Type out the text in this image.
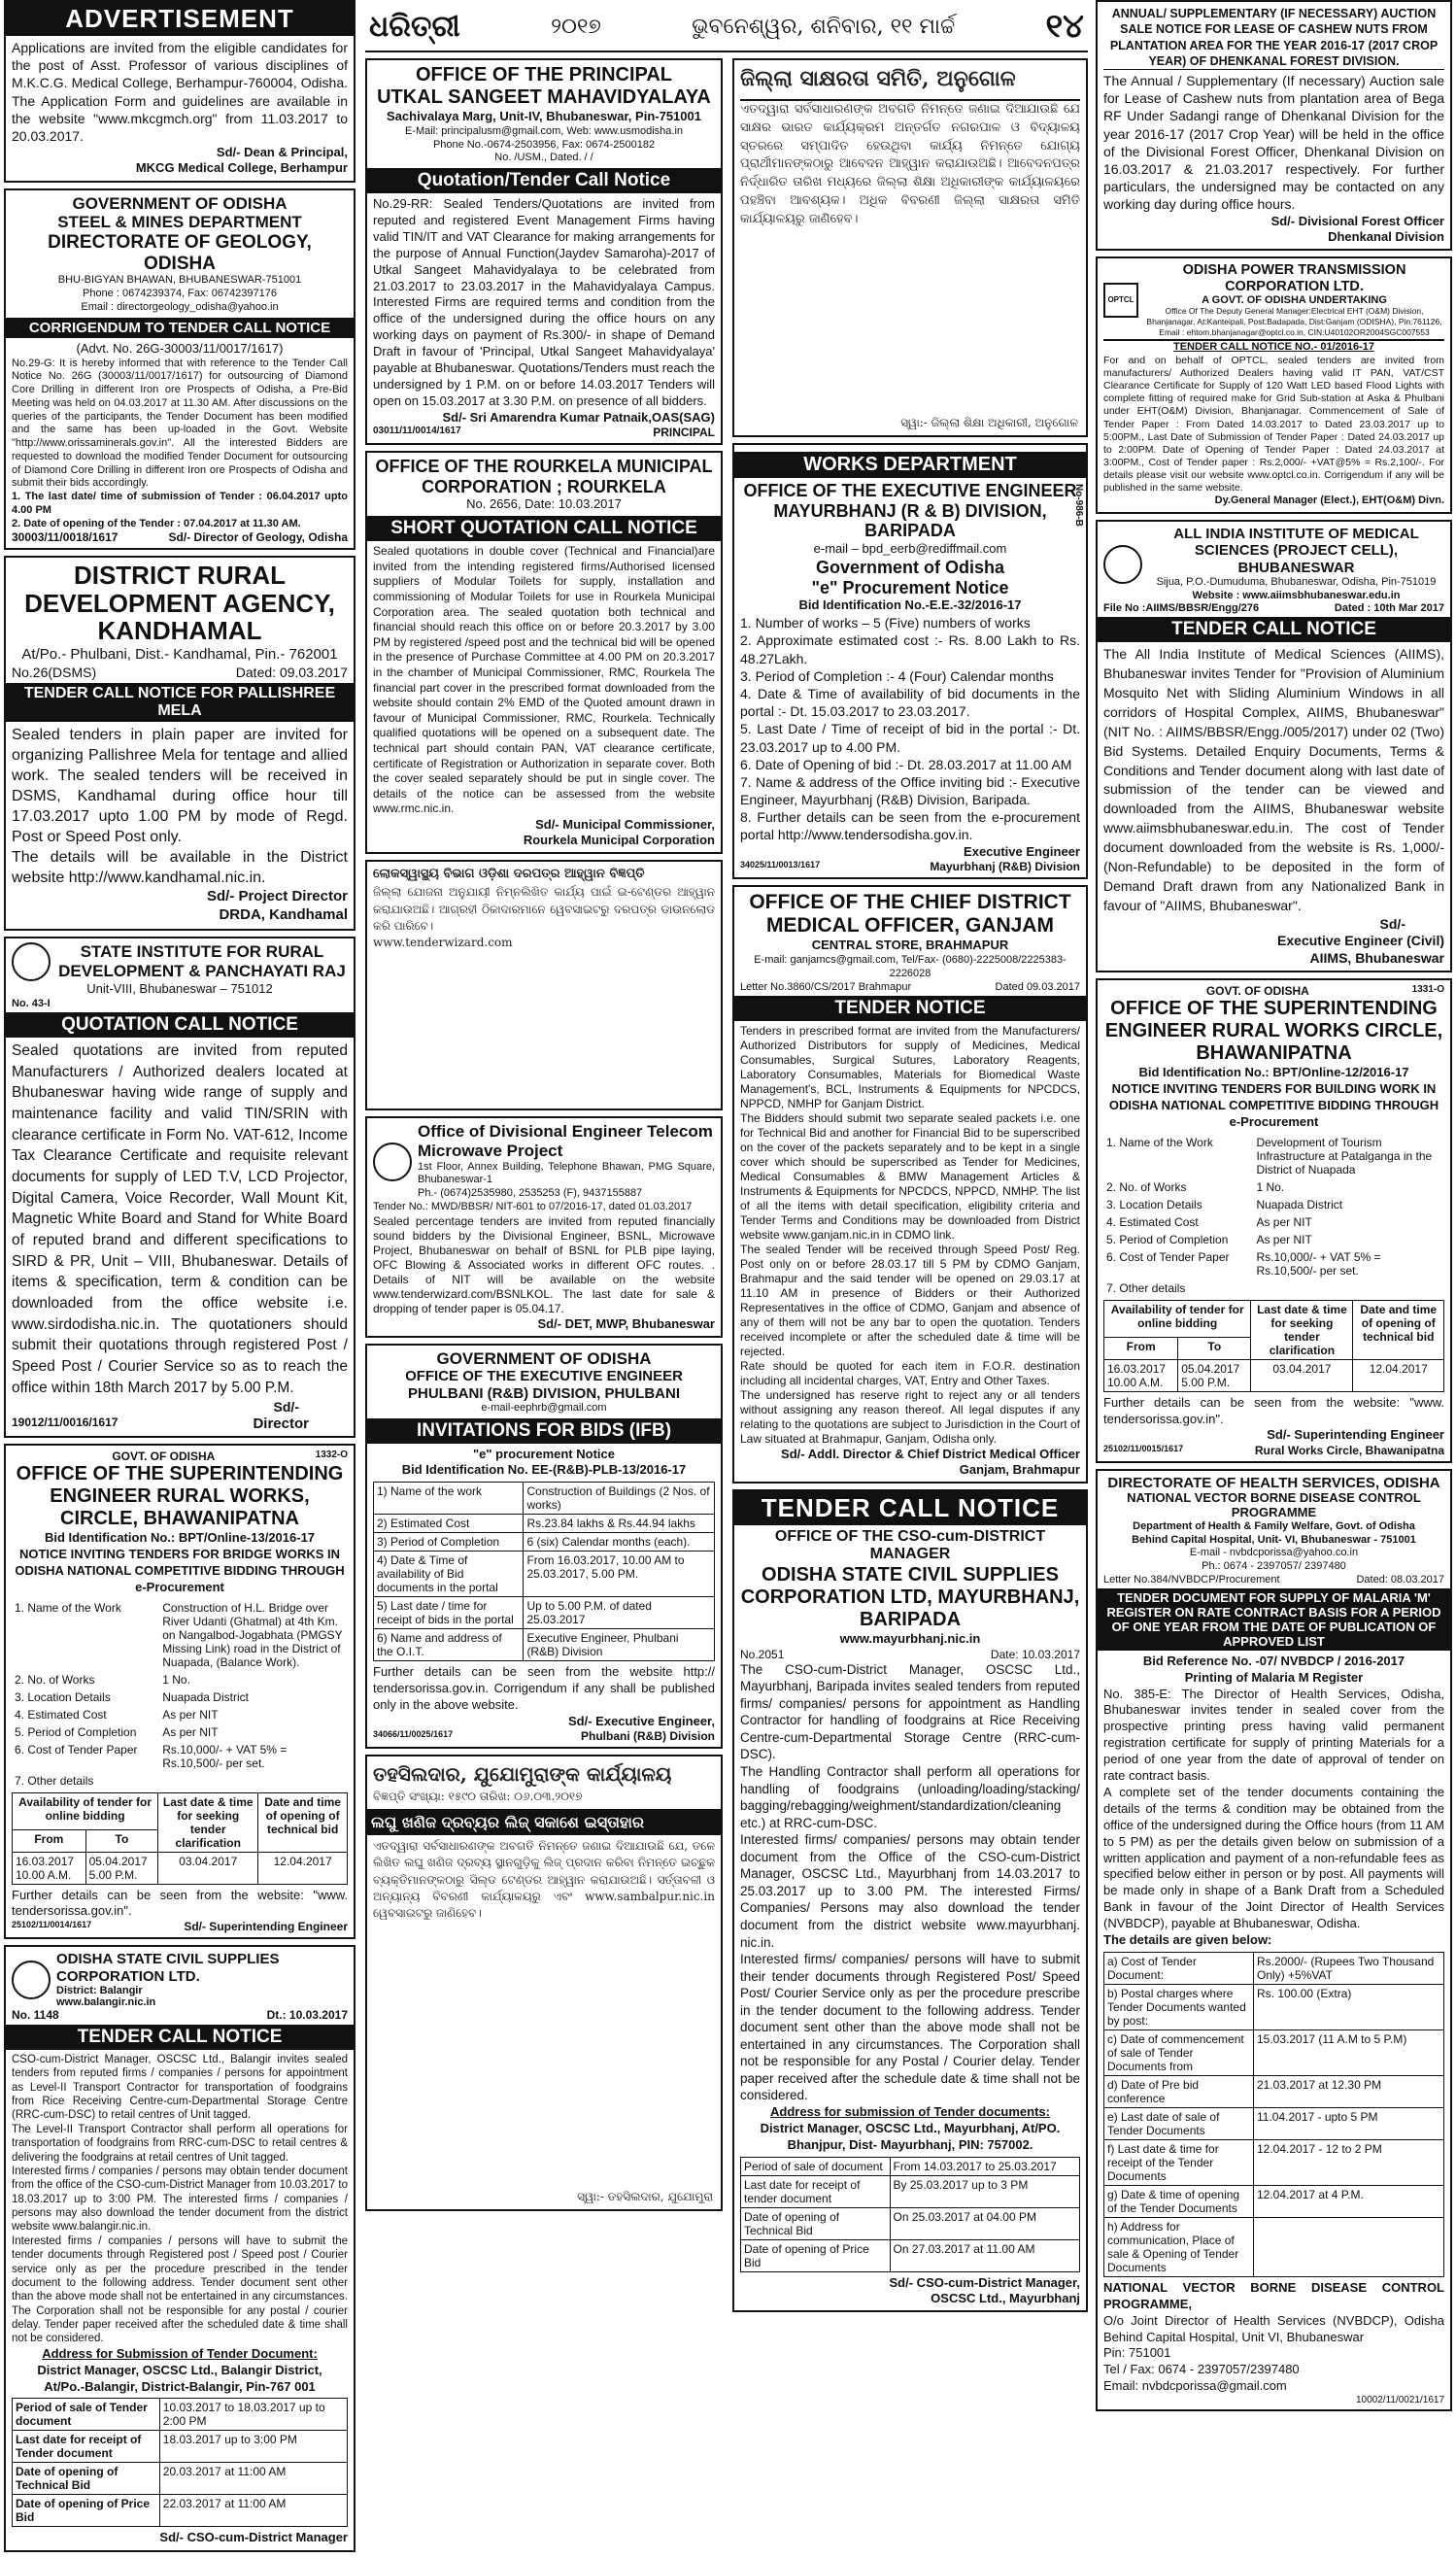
ଧରିତ୍ରୀ	୨୦୧୭	ଭୁବନେଶ୍ୱର, ଶନିବାର, ୧୧ ମାର୍ଚ୍ଚ	୧୪
ADVERTISEMENT
Applications are invited from the eligible candidates for the post of Asst. Professor of various disciplines of M.K.C.G. Medical College, Berhampur-760004, Odisha. The Application Form and guidelines are available in the website "www.mkcgmch.org" from 11.03.2017 to 20.03.2017.
Sd/- Dean & Principal,
MKCG Medical College, Berhampur
GOVERNMENT OF ODISHA
STEEL & MINES DEPARTMENT
DIRECTORATE OF GEOLOGY, ODISHA
BHU-BIGYAN BHAWAN, BHUBANESWAR-751001
Phone : 0674239374, Fax: 06742397176
Email : directorgeology_odisha@yahoo.in
CORRIGENDUM TO TENDER CALL NOTICE
(Advt. No. 26G-30003/11/0017/1617)
No.29-G: It is hereby informed that with reference to the Tender Call Notice No. 26G (30003/11/0017/1617) for outsourcing of Diamond Core Drilling in different Iron ore Prospects of Odisha, a Pre-Bid Meeting was held on 04.03.2017 at 11.30 AM. After discussions on the queries of the participants, the Tender Document has been modified and the same has been up-loaded in the Govt. Website "http://www.orissaminerals.gov.in". All the interested Bidders are requested to download the modified Tender Document for outsourcing of Diamond Core Drilling in different Iron ore Prospects of Odisha and submit their bids accordingly.
1. The last date/ time of submission of Tender : 06.04.2017 upto 4.00 PM
2. Date of opening of the Tender : 07.04.2017 at 11.30 AM.
30003/11/0018/1617	Sd/- Director of Geology, Odisha
DISTRICT RURAL DEVELOPMENT AGENCY, KANDHAMAL
At/Po.- Phulbani, Dist.- Kandhamal, Pin.- 762001
No.26(DSMS)	Dated: 09.03.2017
TENDER CALL NOTICE FOR PALLISHREE MELA
Sealed tenders in plain paper are invited for organizing Pallishree Mela for tentage and allied work. The sealed tenders will be received in DSMS, Kandhamal during office hour till 17.03.2017 upto 1.00 PM by mode of Regd. Post or Speed Post only.
The details will be available in the District website http://www.kandhamal.nic.in.
Sd/- Project Director
DRDA, Kandhamal
STATE INSTITUTE FOR RURAL DEVELOPMENT & PANCHAYATI RAJ
Unit-VIII, Bhubaneswar – 751012
No. 43-I
QUOTATION CALL NOTICE
Sealed quotations are invited from reputed Manufacturers / Authorized dealers located at Bhubaneswar having wide range of supply and maintenance facility and valid TIN/SRIN with clearance certificate in Form No. VAT-612, Income Tax Clearance Certificate and requisite relevant documents for supply of LED T.V, LCD Projector, Digital Camera, Voice Recorder, Wall Mount Kit, Magnetic White Board and Stand for White Board of reputed brand and different specifications to SIRD & PR, Unit – VIII, Bhubaneswar. Details of items & specification, term & condition can be downloaded from the office website i.e. www.sirdodisha.nic.in. The quotationers should submit their quotations through registered Post / Speed Post / Courier Service so as to reach the office within 18th March 2017 by 5.00 P.M.
Sd/-
19012/11/0016/1617	Director
GOVT. OF ODISHA	1332-O
OFFICE OF THE SUPERINTENDING ENGINEER RURAL WORKS, CIRCLE, BHAWANIPATNA
Bid Identification No.: BPT/Online-13/2016-17
NOTICE INVITING TENDERS FOR BRIDGE WORKS IN ODISHA NATIONAL COMPETITIVE BIDDING THROUGH e-Procurement
1. Name of the Work	Construction of H.L. Bridge over River Udanti (Ghatmal) at 4th Km. on Nangalbod-Jogabhata (PMGSY Missing Link) road in the District of Nuapada, (Balance Work).
2. No. of Works	1 No.
3. Location Details	Nuapada District
4. Estimated Cost	As per NIT
5. Period of Completion	As per NIT
6. Cost of Tender Paper	Rs.10,000/- + VAT 5% = Rs.10,500/- per set.
7. Other details	
Availability of tender for online bidding		Last date & time for seeking tender clarification	Date and time of opening of technical bid
From	To		
16.03.2017 10.00 A.M.	05.04.2017 5.00 P.M.	03.04.2017	12.04.2017
Further details can be seen from the website: "www. tendersorissa.gov.in".
25102/11/0014/1617	Sd/- Superintending Engineer
ODISHA STATE CIVIL SUPPLIES CORPORATION LTD.
District: Balangir
www.balangir.nic.in
No. 1148	Dt.: 10.03.2017
TENDER CALL NOTICE
CSO-cum-District Manager, OSCSC Ltd., Balangir invites sealed tenders from reputed firms / companies / persons for appointment as Level-II Transport Contractor for transportation of foodgrains from Rice Receiving Centre-cum-Departmental Storage Centre (RRC-cum-DSC) to retail centres of Unit tagged.
The Level-II Transport Contractor shall perform all operations for transportation of foodgrains from RRC-cum-DSC to retail centres & delivering the foodgrains at retail centres of Unit tagged.
Interested firms / companies / persons may obtain tender document from the office of the CSO-cum-District Manager from 10.03.2017 to 18.03.2017 up to 3:00 PM. The interested firms / companies / persons may also download the tender document from the district website www.balangir.nic.in.
Interested firms / companies / persons will have to submit the tender documents through Registered post / Speed post / Courier service only as per the procedure prescribed in the tender document to the following address. Tender document sent other than the above mode shall not be entertained in any circumstances. The Corporation shall not be responsible for any postal / courier delay. Tender paper received after the scheduled date & time shall not be considered.
Address for Submission of Tender Document:
District Manager, OSCSC Ltd., Balangir District,
At/Po.-Balangir, District-Balangir, Pin-767 001
Period of sale of Tender document	10.03.2017 to 18.03.2017 up to 2:00 PM
Last date for receipt of Tender document	18.03.2017 up to 3:00 PM
Date of opening of Technical Bid	20.03.2017 at 11:00 AM
Date of opening of Price Bid	22.03.2017 at 11:00 AM
Sd/- CSO-cum-District Manager
OFFICE OF THE PRINCIPAL
UTKAL SANGEET MAHAVIDYALAYA
Sachivalaya Marg, Unit-IV, Bhubaneswar, Pin-751001
E-Mail: principalusm@gmail.com, Web: www.usmodisha.in
Phone No.-0674-2503956, Fax: 0674-2500182
No. /USM., Dated. / /
Quotation/Tender Call Notice
No.29-RR: Sealed Tenders/Quotations are invited from reputed and registered Event Management Firms having valid TIN/IT and VAT Clearance for making arrangements for the purpose of Annual Function(Jaydev Samaroha)-2017 of Utkal Sangeet Mahavidyalaya to be celebrated from 21.03.2017 to 23.03.2017 in the Mahavidyalaya Campus. Interested Firms are required terms and condition from the office of the undersigned during the office hours on any working days on payment of Rs.300/- in shape of Demand Draft in favour of 'Principal, Utkal Sangeet Mahavidyalaya' payable at Bhubaneswar. Quotations/Tenders must reach the undersigned by 1 P.M. on or before 14.03.2017 Tenders will open on 15.03.2017 at 3.30 P.M. on presence of all bidders.
Sd/- Sri Amarendra Kumar Patnaik,OAS(SAG)
03011/11/0014/1617	PRINCIPAL
OFFICE OF THE ROURKELA MUNICIPAL CORPORATION ; ROURKELA
No. 2656, Date: 10.03.2017
SHORT QUOTATION CALL NOTICE
Sealed quotations in double cover (Technical and Financial)are invited from the intending registered firms/Authorised licensed suppliers of Modular Toilets for supply, installation and commissioning of Modular Toilets for use in Rourkela Municipal Corporation area. The sealed quotation both technical and financial should reach this office on or before 20.3.2017 by 3.00 PM by registered /speed post and the technical bid will be opened in the presence of Purchase Committee at 4.00 PM on 20.3.2017 in the chamber of Municipal Commissioner, RMC, Rourkela The financial part cover in the prescribed format downloaded from the website should contain 2% EMD of the Quoted amount drawn in favour of Municipal Commissioner, RMC, Rourkela. Technically qualified quotations will be opened on a subsequent date. The technical part should contain PAN, VAT clearance certificate, certificate of Registration or Authorization in separate cover. Both the cover sealed separately should be put in single cover. The details of the notice can be assessed from the website www.rmc.nic.in.
Sd/- Municipal Commissioner,
Rourkela Municipal Corporation
ଲୋକସ୍ୱାସ୍ଥ୍ୟ ବିଭାଗ ଓଡ଼ିଶା ଦରପତ୍ର ଆହ୍ୱାନ ବିଜ୍ଞପ୍ତି
ଜିଲ୍ଲା ଯୋଜନା ଅନୁଯାୟୀ ନିମ୍ନଲିଖିତ କାର୍ଯ୍ୟ ପାଇଁ ଇ-ଟେଣ୍ଡର ଆହ୍ୱାନ କରାଯାଉଅଛି। ଆଗ୍ରହୀ ଠିକାଦାରମାନେ ୱେବସାଇଟରୁ ଦରପତ୍ର ଡାଉନଲୋଡ କରି ପାରିବେ।
www.tenderwizard.com
Office of Divisional Engineer Telecom
Microwave Project
1st Floor, Annex Building, Telephone Bhawan, PMG Square, Bhubaneswar-1
Ph.- (0674)2535980, 2535253 (F), 9437155887
Tender No.: MWD/BBSR/ NIT-601 to 07/2016-17, dated 01.03.2017
Sealed percentage tenders are invited from reputed financially sound bidders by the Divisional Engineer, BSNL, Microwave Project, Bhubaneswar on behalf of BSNL for PLB pipe laying, OFC Blowing & Associated works in different OFC routes. . Details of NIT will be available on the website www.tenderwizard.com/BSNLKOL. The last date for sale & dropping of tender paper is 05.04.17.
Sd/- DET, MWP, Bhubaneswar
GOVERNMENT OF ODISHA
OFFICE OF THE EXECUTIVE ENGINEER PHULBANI (R&B) DIVISION, PHULBANI
e-mail-eephrb@gmail.com
INVITATIONS FOR BIDS (IFB)
"e" procurement Notice
Bid Identification No. EE-(R&B)-PLB-13/2016-17
1) Name of the work	Construction of Buildings (2 Nos. of works)
2) Estimated Cost	Rs.23.84 lakhs & Rs.44.94 lakhs
3) Period of Completion	6 (six) Calendar months (each).
4) Date & Time of availability of Bid documents in the portal	From 16.03.2017, 10.00 AM to 25.03.2017, 5.00 PM.
5) Last date / time for receipt of bids in the portal	Up to 5.00 P.M. of dated 25.03.2017
6) Name and address of the O.I.T.	Executive Engineer, Phulbani (R&B) Division
Further details can be seen from the website http:// tendersorissa.gov.in. Corrigendum if any shall be published only in the above website.
Sd/- Executive Engineer,
34066/11/0025/1617	Phulbani (R&B) Division
ତହସିଲଦାର, ଯୁଯୋମୁରାଙ୍କ କାର୍ଯ୍ୟାଳୟ
ବିଜ୍ଞପ୍ତି ସଂଖ୍ୟା: ୧୫୯୦ ତାରିଖ: ୦୬.୦୩.୨୦୧୭
ଲଘୁ ଖଣିଜ ଦ୍ରବ୍ୟର ଲିଜ୍ ସକାଶେ ଇସ୍ତାହାର
ଏତଦ୍ୱାରା ସର୍ବସାଧାରଣଙ୍କ ଅବଗତି ନିମନ୍ତେ ଜଣାଇ ଦିଆଯାଉଛି ଯେ, ତଳେ ଲିଖିତ ଲଘୁ ଖଣିଜ ଦ୍ରବ୍ୟ ସ୍ଥାନଗୁଡ଼ିକୁ ଲିଜ୍ ପ୍ରଦାନ କରିବା ନିମନ୍ତେ ଇଚ୍ଛୁକ ବ୍ୟକ୍ତିମାନଙ୍କଠାରୁ ସିଲ୍ଡ ଟେଣ୍ଡର ଆହ୍ୱାନ କରାଯାଉଅଛି। ସର୍ତ୍ତାବଳୀ ଓ ଅନ୍ୟାନ୍ୟ ବିବରଣୀ କାର୍ଯ୍ୟାଳୟରୁ ଏବଂ www.sambalpur.nic.in ୱେବସାଇଟରୁ ଜାଣିହେବ।
ସ୍ୱା:- ତହସିଲଦାର, ଯୁଯୋମୁରା
ଜିଲ୍ଲା ସାକ୍ଷରତା ସମିତି, ଅନୁଗୋଳ
ଏତଦ୍ୱାରା ସର୍ବସାଧାରଣଙ୍କ ଅବଗତି ନିମନ୍ତେ ଜଣାଇ ଦିଆଯାଉଛି ଯେ ସାକ୍ଷର ଭାରତ କାର୍ଯ୍ୟକ୍ରମ ଅନ୍ତର୍ଗତ ନଗରପାଳ ଓ ବିଦ୍ୟାଳୟ ସ୍ତରରେ ସମ୍ପାଦିତ ହେଉଥିବା କାର୍ଯ୍ୟ ନିମନ୍ତେ ଯୋଗ୍ୟ ପ୍ରାର୍ଥୀମାନଙ୍କଠାରୁ ଆବେଦନ ଆହ୍ୱାନ କରାଯାଉଅଛି। ଆବେଦନପତ୍ର ନିର୍ଦ୍ଧାରିତ ତାରିଖ ମଧ୍ୟରେ ଜିଲ୍ଲା ଶିକ୍ଷା ଅଧିକାରୀଙ୍କ କାର୍ଯ୍ୟାଳୟରେ ପହଞ୍ଚିବା ଆବଶ୍ୟକ। ଅଧିକ ବିବରଣୀ ଜିଲ୍ଲା ସାକ୍ଷରତା ସମିତି କାର୍ଯ୍ୟାଳୟରୁ ଜାଣିହେବ।
ସ୍ୱା:- ଜିଲ୍ଲା ଶିକ୍ଷା ଅଧିକାରୀ, ଅନୁଗୋଳ
No-986-B
WORKS DEPARTMENT
OFFICE OF THE EXECUTIVE ENGINEER MAYURBHANJ (R & B) DIVISION, BARIPADA
e-mail – bpd_eerb@rediffmail.com
Government of Odisha
"e" Procurement Notice
Bid Identification No.-E.E.-32/2016-17
1. Number of works – 5 (Five) numbers of works
2. Approximate estimated cost :- Rs. 8.00 Lakh to Rs. 48.27Lakh.
3. Period of Completion :- 4 (Four) Calendar months
4. Date & Time of availability of bid documents in the portal :- Dt. 15.03.2017 to 23.03.2017.
5. Last Date / Time of receipt of bid in the portal :- Dt. 23.03.2017 up to 4.00 PM.
6. Date of Opening of bid :- Dt. 28.03.2017 at 11.00 AM
7. Name & address of the Office inviting bid :- Executive Engineer, Mayurbhanj (R&B) Division, Baripada.
8. Further details can be seen from the e-procurement portal http://www.tendersodisha.gov.in.
Executive Engineer
34025/11/0013/1617	Mayurbhanj (R&B) Division
OFFICE OF THE CHIEF DISTRICT MEDICAL OFFICER, GANJAM
CENTRAL STORE, BRAHMAPUR
E-mail: ganjamcs@gmail.com, Tel/Fax- (0680)-2225008/2225383-2226028
Letter No.3860/CS/2017 Brahmapur	Dated 09.03.2017
TENDER NOTICE
Tenders in prescribed format are invited from the Manufacturers/ Authorized Distributors for supply of Medicines, Medical Consumables, Surgical Sutures, Laboratory Reagents, Laboratory Consumables, Materials for Biomedical Waste Management's, BCL, Instruments & Equipments for NPCDCS, NPPCD, NMHP for Ganjam District.
The Bidders should submit two separate sealed packets i.e. one for Technical Bid and another for Financial Bid to be superscribed on the cover of the packets separately and to be kept in a single cover which should be superscribed as Tender for Medicines, Medical Consumables & BMW Management Articles & Instruments & Equipments for NPCDCS, NPPCD, NMHP. The list of all the items with detail specification, eligibility criteria and Tender Terms and Conditions may be downloaded from District website www.ganjam.nic.in in CDMO link.
The sealed Tender will be received through Speed Post/ Reg. Post only on or before 28.03.17 till 5 PM by CDMO Ganjam, Brahmapur and the said tender will be opened on 29.03.17 at 11.10 AM in presence of Bidders or their Authorized Representatives in the office of CDMO, Ganjam and absence of any of them will not be any bar to open the quotation. Tenders received incomplete or after the scheduled date & time will be rejected.
Rate should be quoted for each item in F.O.R. destination including all incidental charges, VAT, Entry and Other Taxes.
The undersigned has reserve right to reject any or all tenders without assigning any reason thereof. All legal disputes if any relating to the quotations are subject to Jurisdiction in the Court of Law situated at Brahmapur, Ganjam, Odisha only.
Sd/- Addl. Director & Chief District Medical Officer
Ganjam, Brahmapur
TENDER CALL NOTICE
OFFICE OF THE CSO-cum-DISTRICT MANAGER
ODISHA STATE CIVIL SUPPLIES CORPORATION LTD, MAYURBHANJ, BARIPADA
www.mayurbhanj.nic.in
No.2051	Date: 10.03.2017
The CSO-cum-District Manager, OSCSC Ltd., Mayurbhanj, Baripada invites sealed tenders from reputed firms/ companies/ persons for appointment as Handling Contractor for handling of foodgrains at Rice Receiving Centre-cum-Departmental Storage Centre (RRC-cum-DSC).
The Handling Contractor shall perform all operations for handling of foodgrains (unloading/loading/stacking/ bagging/rebagging/weighment/standardization/cleaning etc.) at RRC-cum-DSC.
Interested firms/ companies/ persons may obtain tender document from the Office of the CSO-cum-District Manager, OSCSC Ltd., Mayurbhanj from 14.03.2017 to 25.03.2017 up to 3.00 PM. The interested Firms/ Companies/ Persons may also download the tender document from the district website www.mayurbhanj. nic.in.
Interested firms/ companies/ persons will have to submit their tender documents through Registered Post/ Speed Post/ Courier Service only as per the procedure prescribe in the tender document to the following address. Tender document sent other than the above mode shall not be entertained in any circumstances. The Corporation shall not be responsible for any Postal / Courier delay. Tender paper received after the schedule date & time shall not be considered.
Address for submission of Tender documents:
District Manager, OSCSC Ltd., Mayurbhanj, At/PO. Bhanjpur, Dist- Mayurbhanj, PIN: 757002.
Period of sale of document	From 14.03.2017 to 25.03.2017
Last date for receipt of tender document	By 25.03.2017 up to 3 PM
Date of opening of Technical Bid	On 25.03.2017 at 04.00 PM
Date of opening of Price Bid	On 27.03.2017 at 11.00 AM
Sd/- CSO-cum-District Manager,
OSCSC Ltd., Mayurbhanj
ANNUAL/ SUPPLEMENTARY (IF NECESSARY) AUCTION SALE NOTICE FOR LEASE OF CASHEW NUTS FROM PLANTATION AREA FOR THE YEAR 2016-17 (2017 CROP YEAR) OF DHENKANAL FOREST DIVISION.
The Annual / Supplementary (If necessary) Auction sale for Lease of Cashew nuts from plantation area of Bega RF Under Sadangi range of Dhenkanal Division for the year 2016-17 (2017 Crop Year) will be held in the office of the Divisional Forest Officer, Dhenkanal Division on 16.03.2017 & 21.03.2017 respectively. For further particulars, the undersigned may be contacted on any working day during office hours.
Sd/- Divisional Forest Officer
Dhenkanal Division
OPTCL
ODISHA POWER TRANSMISSION CORPORATION LTD.
A GOVT. OF ODISHA UNDERTAKING
Office Of The Deputy General Manager:Electrical EHT (O&M) Division, Bhanjanagar, At:Kanteipali, Post:Badapada, Dist:Ganjam (ODISHA), Pin:761126, Email : ehtom.bhanjanagar@optcl.co.in, CIN:U40102OR2004SGC007553
TENDER CALL NOTICE NO.- 01/2016-17
For and on behalf of OPTCL, sealed tenders are invited from manufacturers/ Authorized Dealers having valid IT PAN, VAT/CST Clearance Certificate for Supply of 120 Watt LED based Flood Lights with complete fitting of required make for Grid Sub-station at Aska & Phulbani under EHT(O&M) Division, Bhanjanagar. Commencement of Sale of Tender Paper : From Dated 14.03.2017 to Dated 23.03.2017 up to 5:00PM., Last Date of Submission of Tender Paper : Dated 24.03.2017 up to 2:00PM. Date of Opening of Tender Paper : Dated 24.03.2017 at 3:00PM., Cost of Tender paper : Rs.2,000/- +VAT@5% = Rs.2,100/-. For details please visit our website www.optcl.co.in. Corrigendum if any will be published in the same website.
Dy.General Manager (Elect.), EHT(O&M) Divn.
ALL INDIA INSTITUTE OF MEDICAL SCIENCES (PROJECT CELL), BHUBANESWAR
Sijua, P.O.-Dumuduma, Bhubaneswar, Odisha, Pin-751019
Website : www.aiimsbhubaneswar.edu.in
File No :AIIMS/BBSR/Engg/276	Dated : 10th Mar 2017
TENDER CALL NOTICE
The All India Institute of Medical Sciences (AIIMS), Bhubaneswar invites Tender for "Provision of Aluminium Mosquito Net with Sliding Aluminium Windows in all corridors of Hospital Complex, AIIMS, Bhubaneswar" (NIT No. : AIIMS/BBSR/Engg./005/2017) under 02 (Two) Bid Systems. Detailed Enquiry Documents, Terms & Conditions and Tender document along with last date of submission of the tender can be viewed and downloaded from the AIIMS, Bhubaneswar website www.aiimsbhubaneswar.edu.in. The cost of Tender document downloaded from the website is Rs. 1,000/- (Non-Refundable) to be deposited in the form of Demand Draft drawn from any Nationalized Bank in favour of "AIIMS, Bhubaneswar".
Sd/-
Executive Engineer (Civil)
AIIMS, Bhubaneswar
GOVT. OF ODISHA	1331-O
OFFICE OF THE SUPERINTENDING ENGINEER RURAL WORKS CIRCLE, BHAWANIPATNA
Bid Identification No.: BPT/Online-12/2016-17
NOTICE INVITING TENDERS FOR BUILDING WORK IN ODISHA NATIONAL COMPETITIVE BIDDING THROUGH e-Procurement
1. Name of the Work	Development of Tourism Infrastructure at Patalganga in the District of Nuapada
2. No. of Works	1 No.
3. Location Details	Nuapada District
4. Estimated Cost	As per NIT
5. Period of Completion	As per NIT
6. Cost of Tender Paper	Rs.10,000/- + VAT 5% = Rs.10,500/- per set.
7. Other details	
Availability of tender for online bidding		Last date & time for seeking tender clarification	Date and time of opening of technical bid
From	To		
16.03.2017 10.00 A.M.	05.04.2017 5.00 P.M.	03.04.2017	12.04.2017
Further details can be seen from the website: "www. tendersorissa.gov.in".
Sd/- Superintending Engineer
25102/11/0015/1617	Rural Works Circle, Bhawanipatna
DIRECTORATE OF HEALTH SERVICES, ODISHA
NATIONAL VECTOR BORNE DISEASE CONTROL PROGRAMME
Department of Health & Family Welfare, Govt. of Odisha
Behind Capital Hospital, Unit- VI, Bhubaneswar - 751001
E-mail - nvbdcporissa@yahoo.co.in
Ph.: 0674 - 2397057/ 2397480
Letter No.384/NVBDCP/Procurement	Dated: 08.03.2017
TENDER DOCUMENT FOR SUPPLY OF MALARIA 'M' REGISTER ON RATE CONTRACT BASIS FOR A PERIOD OF ONE YEAR FROM THE DATE OF PUBLICATION OF APPROVED LIST
Bid Reference No. -07/ NVBDCP / 2016-2017
Printing of Malaria M Register
No. 385-E: The Director of Health Services, Odisha, Bhubaneswar invites tender in sealed cover from the prospective printing press having valid permanent registration certificate for supply of printing Materials for a period of one year from the date of approval of tender on rate contract basis.
A complete set of the tender documents containing the details of the terms & condition may be obtained from the office of the undersigned during the Office hours (from 11 AM to 5 PM) as per the details given below on submission of a written application and payment of a non-refundable fees as specified below either in person or by post. All payments will be made only in shape of a Bank Draft from a Scheduled Bank in favour of the Joint Director of Health Services (NVBDCP), payable at Bhubaneswar, Odisha.
The details are given below:
a) Cost of Tender Document:	Rs.2000/- (Rupees Two Thousand Only) +5%VAT
b) Postal charges where Tender Documents wanted by post:	Rs. 100.00 (Extra)
c) Date of commencement of sale of Tender Documents from	15.03.2017 (11 A.M to 5 P.M)
d) Date of Pre bid conference	21.03.2017 at 12.30 PM
e) Last date of sale of Tender Documents	11.04.2017 - upto 5 PM
f) Last date & time for receipt of the Tender Documents	12.04.2017 - 12 to 2 PM
g) Date & time of opening of the Tender Documents	12.04.2017 at 4 P.M.
h) Address for communication, Place of sale & Opening of Tender Documents	
NATIONAL VECTOR BORNE DISEASE CONTROL PROGRAMME,
O/o Joint Director of Health Services (NVBDCP), Odisha Behind Capital Hospital, Unit VI, Bhubaneswar
Pin: 751001
Tel / Fax: 0674 - 2397057/2397480
Email: nvbdcporissa@gmail.com
10002/11/0021/1617
